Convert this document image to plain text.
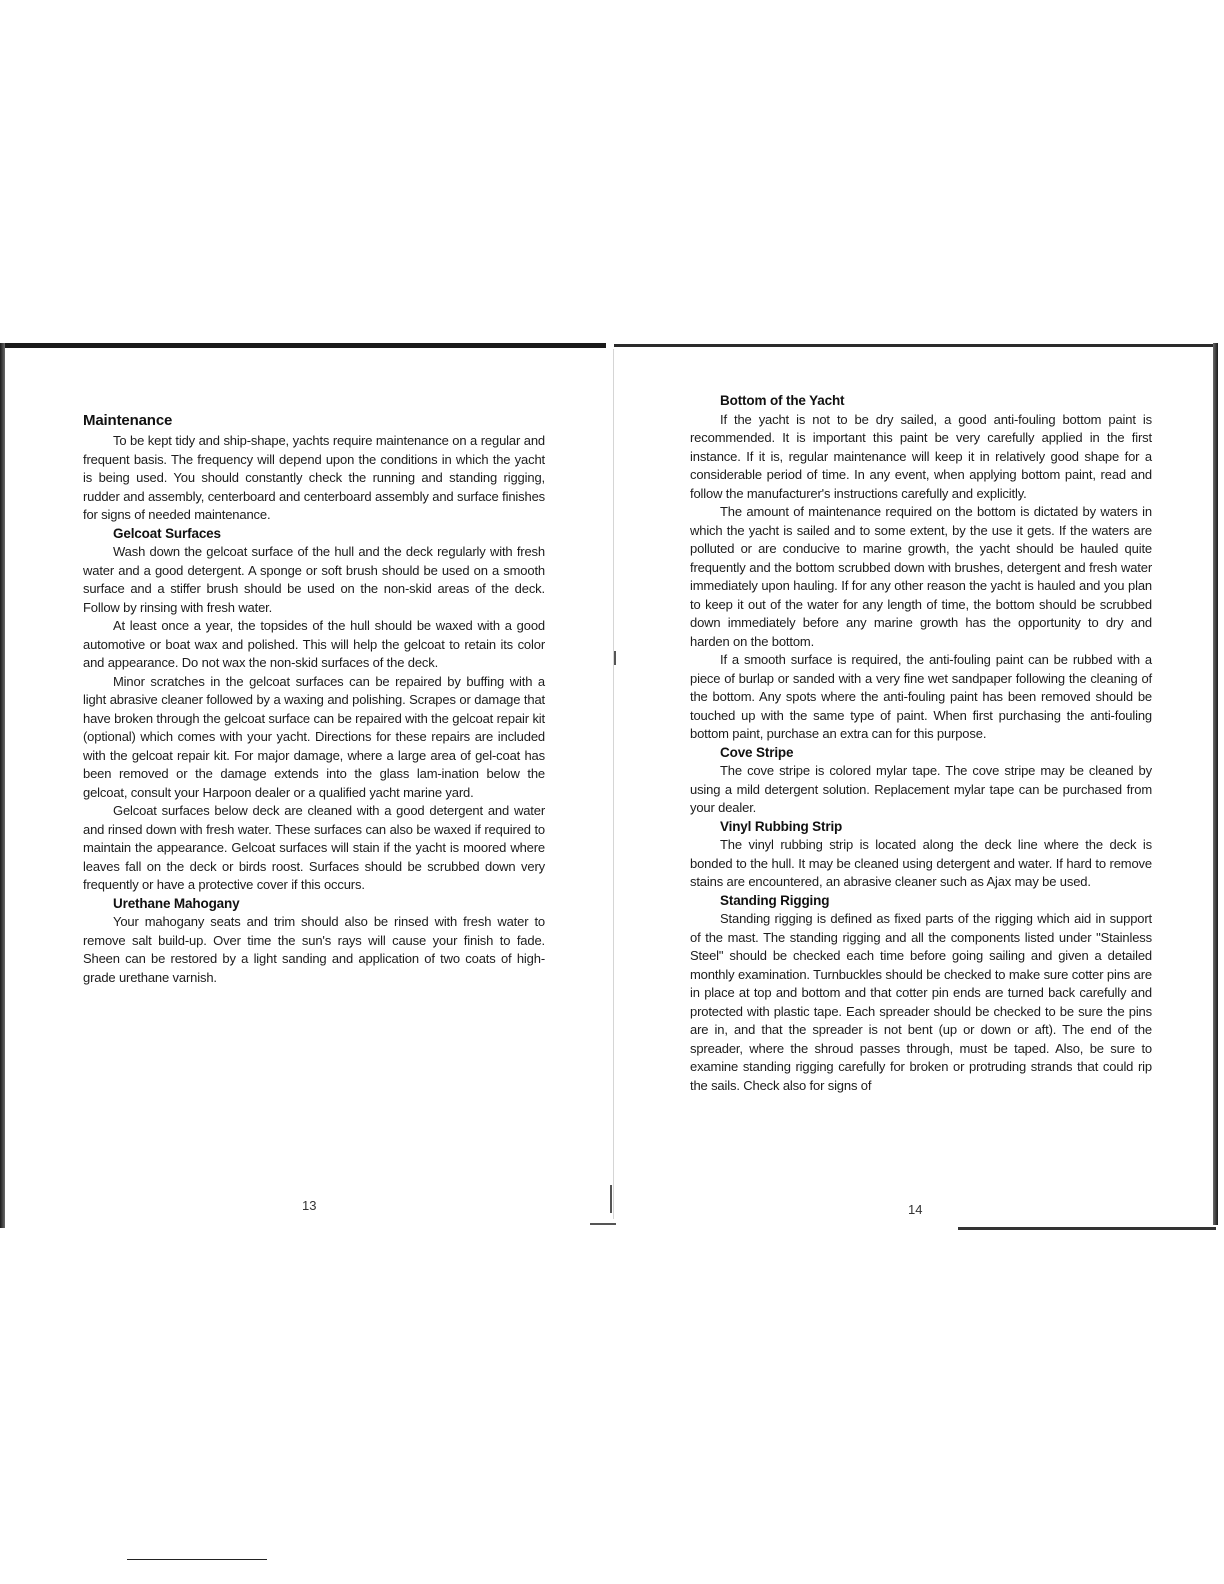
Maintenance

To be kept tidy and ship-shape, yachts require maintenance on a regular and frequent basis. The frequency will depend upon the conditions in which the yacht is being used. You should constantly check the running and standing rigging, rudder and assembly, centerboard and centerboard assembly and surface finishes for signs of needed maintenance.

Gelcoat Surfaces

Wash down the gelcoat surface of the hull and the deck regularly with fresh water and a good detergent. A sponge or soft brush should be used on a smooth surface and a stiffer brush should be used on the non-skid areas of the deck. Follow by rinsing with fresh water.

At least once a year, the topsides of the hull should be waxed with a good automotive or boat wax and polished. This will help the gelcoat to retain its color and appearance. Do not wax the non-skid surfaces of the deck.

Minor scratches in the gelcoat surfaces can be repaired by buffing with a light abrasive cleaner followed by a waxing and polishing. Scrapes or damage that have broken through the gelcoat surface can be repaired with the gelcoat repair kit (optional) which comes with your yacht. Directions for these repairs are included with the gelcoat repair kit. For major damage, where a large area of gel-coat has been removed or the damage extends into the glass lam-ination below the gelcoat, consult your Harpoon dealer or a qualified yacht marine yard.

Gelcoat surfaces below deck are cleaned with a good detergent and water and rinsed down with fresh water. These surfaces can also be waxed if required to maintain the appearance. Gelcoat surfaces will stain if the yacht is moored where leaves fall on the deck or birds roost. Surfaces should be scrubbed down very frequently or have a protective cover if this occurs.

Urethane Mahogany

Your mahogany seats and trim should also be rinsed with fresh water to remove salt build-up. Over time the sun's rays will cause your finish to fade. Sheen can be restored by a light sanding and application of two coats of high-grade urethane varnish.

13
Bottom of the Yacht

If the yacht is not to be dry sailed, a good anti-fouling bottom paint is recommended. It is important this paint be very carefully applied in the first instance. If it is, regular maintenance will keep it in relatively good shape for a considerable period of time. In any event, when applying bottom paint, read and follow the manufacturer's instructions carefully and explicitly.

The amount of maintenance required on the bottom is dictated by waters in which the yacht is sailed and to some extent, by the use it gets. If the waters are polluted or are conducive to marine growth, the yacht should be hauled quite frequently and the bottom scrubbed down with brushes, detergent and fresh water immediately upon hauling. If for any other reason the yacht is hauled and you plan to keep it out of the water for any length of time, the bottom should be scrubbed down immediately before any marine growth has the opportunity to dry and harden on the bottom.

If a smooth surface is required, the anti-fouling paint can be rubbed with a piece of burlap or sanded with a very fine wet sandpaper following the cleaning of the bottom. Any spots where the anti-fouling paint has been removed should be touched up with the same type of paint. When first purchasing the anti-fouling bottom paint, purchase an extra can for this purpose.

Cove Stripe

The cove stripe is colored mylar tape. The cove stripe may be cleaned by using a mild detergent solution. Replacement mylar tape can be purchased from your dealer.

Vinyl Rubbing Strip

The vinyl rubbing strip is located along the deck line where the deck is bonded to the hull. It may be cleaned using detergent and water. If hard to remove stains are encountered, an abrasive cleaner such as Ajax may be used.

Standing Rigging

Standing rigging is defined as fixed parts of the rigging which aid in support of the mast. The standing rigging and all the components listed under "Stainless Steel" should be checked each time before going sailing and given a detailed monthly examination. Turnbuckles should be checked to make sure cotter pins are in place at top and bottom and that cotter pin ends are turned back carefully and protected with plastic tape. Each spreader should be checked to be sure the pins are in, and that the spreader is not bent (up or down or aft). The end of the spreader, where the shroud passes through, must be taped. Also, be sure to examine standing rigging carefully for broken or protruding strands that could rip the sails. Check also for signs of

14
